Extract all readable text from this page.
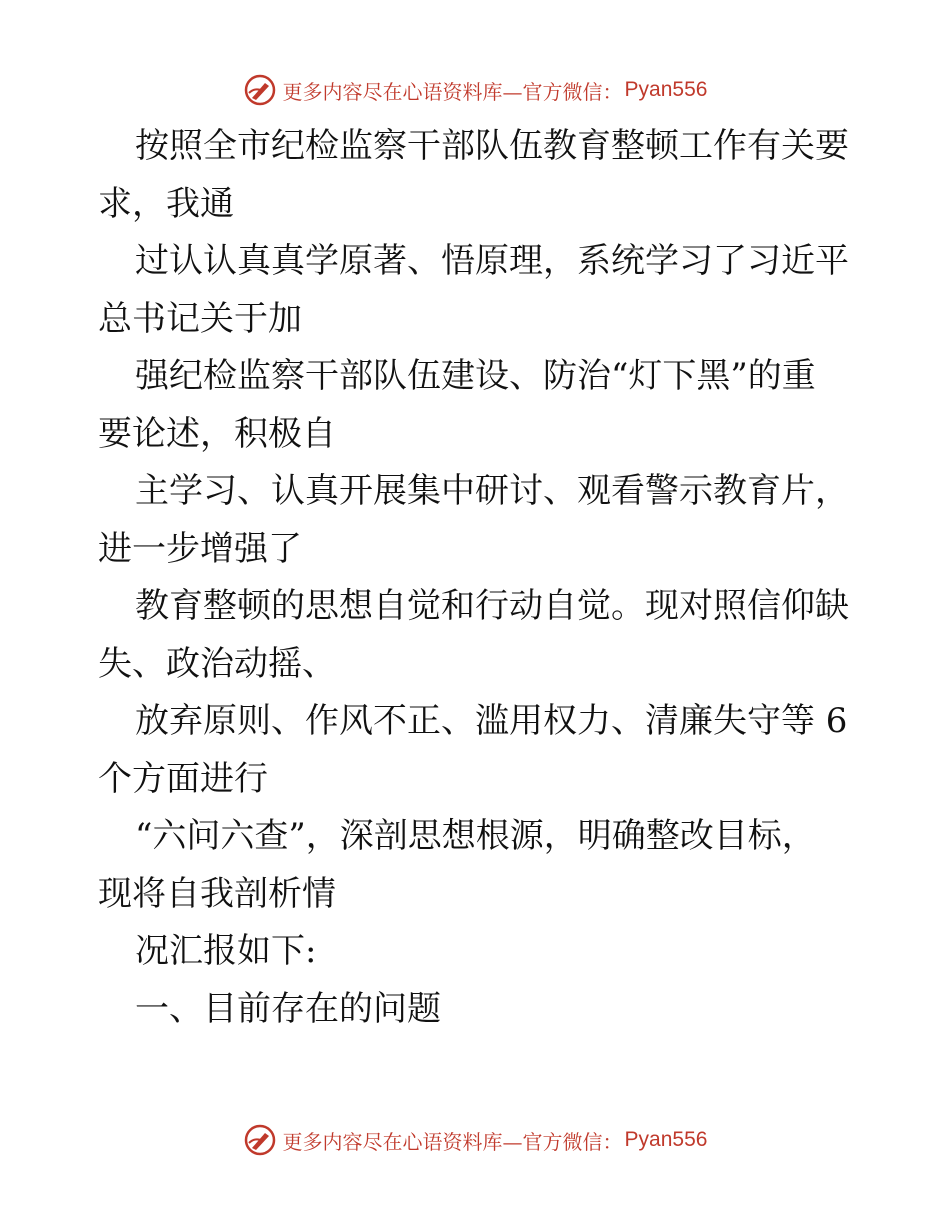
更多内容尽在心语资料库—官方微信： Pyan556
按照全市纪检监察干部队伍教育整顿工作有关要
求，我通
过认认真真学原著、悟原理，系统学习了习近平
总书记关于加
强纪检监察干部队伍建设、防治“灯下黑”的重
要论述，积极自
主学习、认真开展集中研讨、观看警示教育片，
进一步增强了
教育整顿的思想自觉和行动自觉。现对照信仰缺
失、政治动摇、
放弃原则、作风不正、滥用权力、清廉失守等 6
个方面进行
“六问六查”，深剖思想根源，明确整改目标，
现将自我剖析情
况汇报如下:
一、目前存在的问题
更多内容尽在心语资料库—官方微信： Pyan556
